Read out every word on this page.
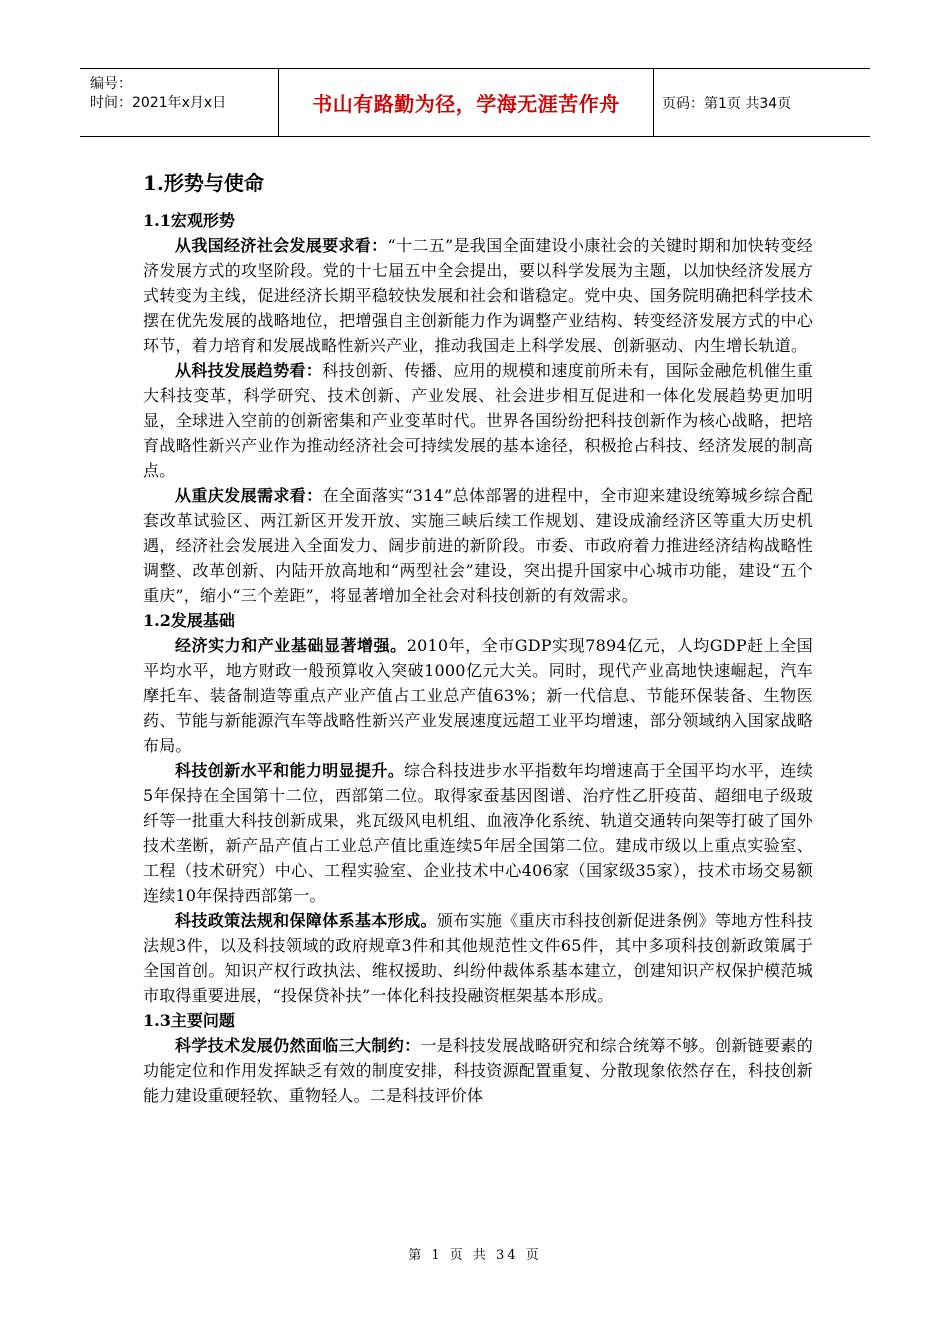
编号：
时间：2021年x月x日	书山有路勤为径，学海无涯苦作舟	页码：第1页 共34页
1.形势与使命
1.1宏观形势

从我国经济社会发展要求看：“十二五”是我国全面建设小康社会的关键时期和加快转变经济发展方式的攻坚阶段。党的十七届五中全会提出，要以科学发展为主题，以加快经济发展方式转变为主线，促进经济长期平稳较快发展和社会和谐稳定。党中央、国务院明确把科学技术摆在优先发展的战略地位，把增强自主创新能力作为调整产业结构、转变经济发展方式的中心环节，着力培育和发展战略性新兴产业，推动我国走上科学发展、创新驱动、内生增长轨道。

从科技发展趋势看：科技创新、传播、应用的规模和速度前所未有，国际金融危机催生重大科技变革，科学研究、技术创新、产业发展、社会进步相互促进和一体化发展趋势更加明显，全球进入空前的创新密集和产业变革时代。世界各国纷纷把科技创新作为核心战略，把培育战略性新兴产业作为推动经济社会可持续发展的基本途径，积极抢占科技、经济发展的制高点。

从重庆发展需求看：在全面落实“314”总体部署的进程中，全市迎来建设统筹城乡综合配套改革试验区、两江新区开发开放、实施三峡后续工作规划、建设成渝经济区等重大历史机遇，经济社会发展进入全面发力、阔步前进的新阶段。市委、市政府着力推进经济结构战略性调整、改革创新、内陆开放高地和“两型社会”建设，突出提升国家中心城市功能，建设“五个重庆”，缩小“三个差距”，将显著增加全社会对科技创新的有效需求。

1.2发展基础

经济实力和产业基础显著增强。2010年，全市GDP实现7894亿元，人均GDP赶上全国平均水平，地方财政一般预算收入突破1000亿元大关。同时，现代产业高地快速崛起，汽车摩托车、装备制造等重点产业产值占工业总产值63%；新一代信息、节能环保装备、生物医药、节能与新能源汽车等战略性新兴产业发展速度远超工业平均增速，部分领域纳入国家战略布局。

科技创新水平和能力明显提升。综合科技进步水平指数年均增速高于全国平均水平，连续5年保持在全国第十二位，西部第二位。取得家蚕基因图谱、治疗性乙肝疫苗、超细电子级玻纤等一批重大科技创新成果，兆瓦级风电机组、血液净化系统、轨道交通转向架等打破了国外技术垄断，新产品产值占工业总产值比重连续5年居全国第二位。建成市级以上重点实验室、工程（技术研究）中心、工程实验室、企业技术中心406家（国家级35家），技术市场交易额连续10年保持西部第一。

科技政策法规和保障体系基本形成。颁布实施《重庆市科技创新促进条例》等地方性科技法规3件，以及科技领域的政府规章3件和其他规范性文件65件，其中多项科技创新政策属于全国首创。知识产权行政执法、维权援助、纠纷仲裁体系基本建立，创建知识产权保护模范城市取得重要进展，“投保贷补扶”一体化科技投融资框架基本形成。

1.3主要问题

科学技术发展仍然面临三大制约：一是科技发展战略研究和综合统筹不够。创新链要素的功能定位和作用发挥缺乏有效的制度安排，科技资源配置重复、分散现象依然存在，科技创新能力建设重硬轻软、重物轻人。二是科技评价体

第 1 页 共 34 页
